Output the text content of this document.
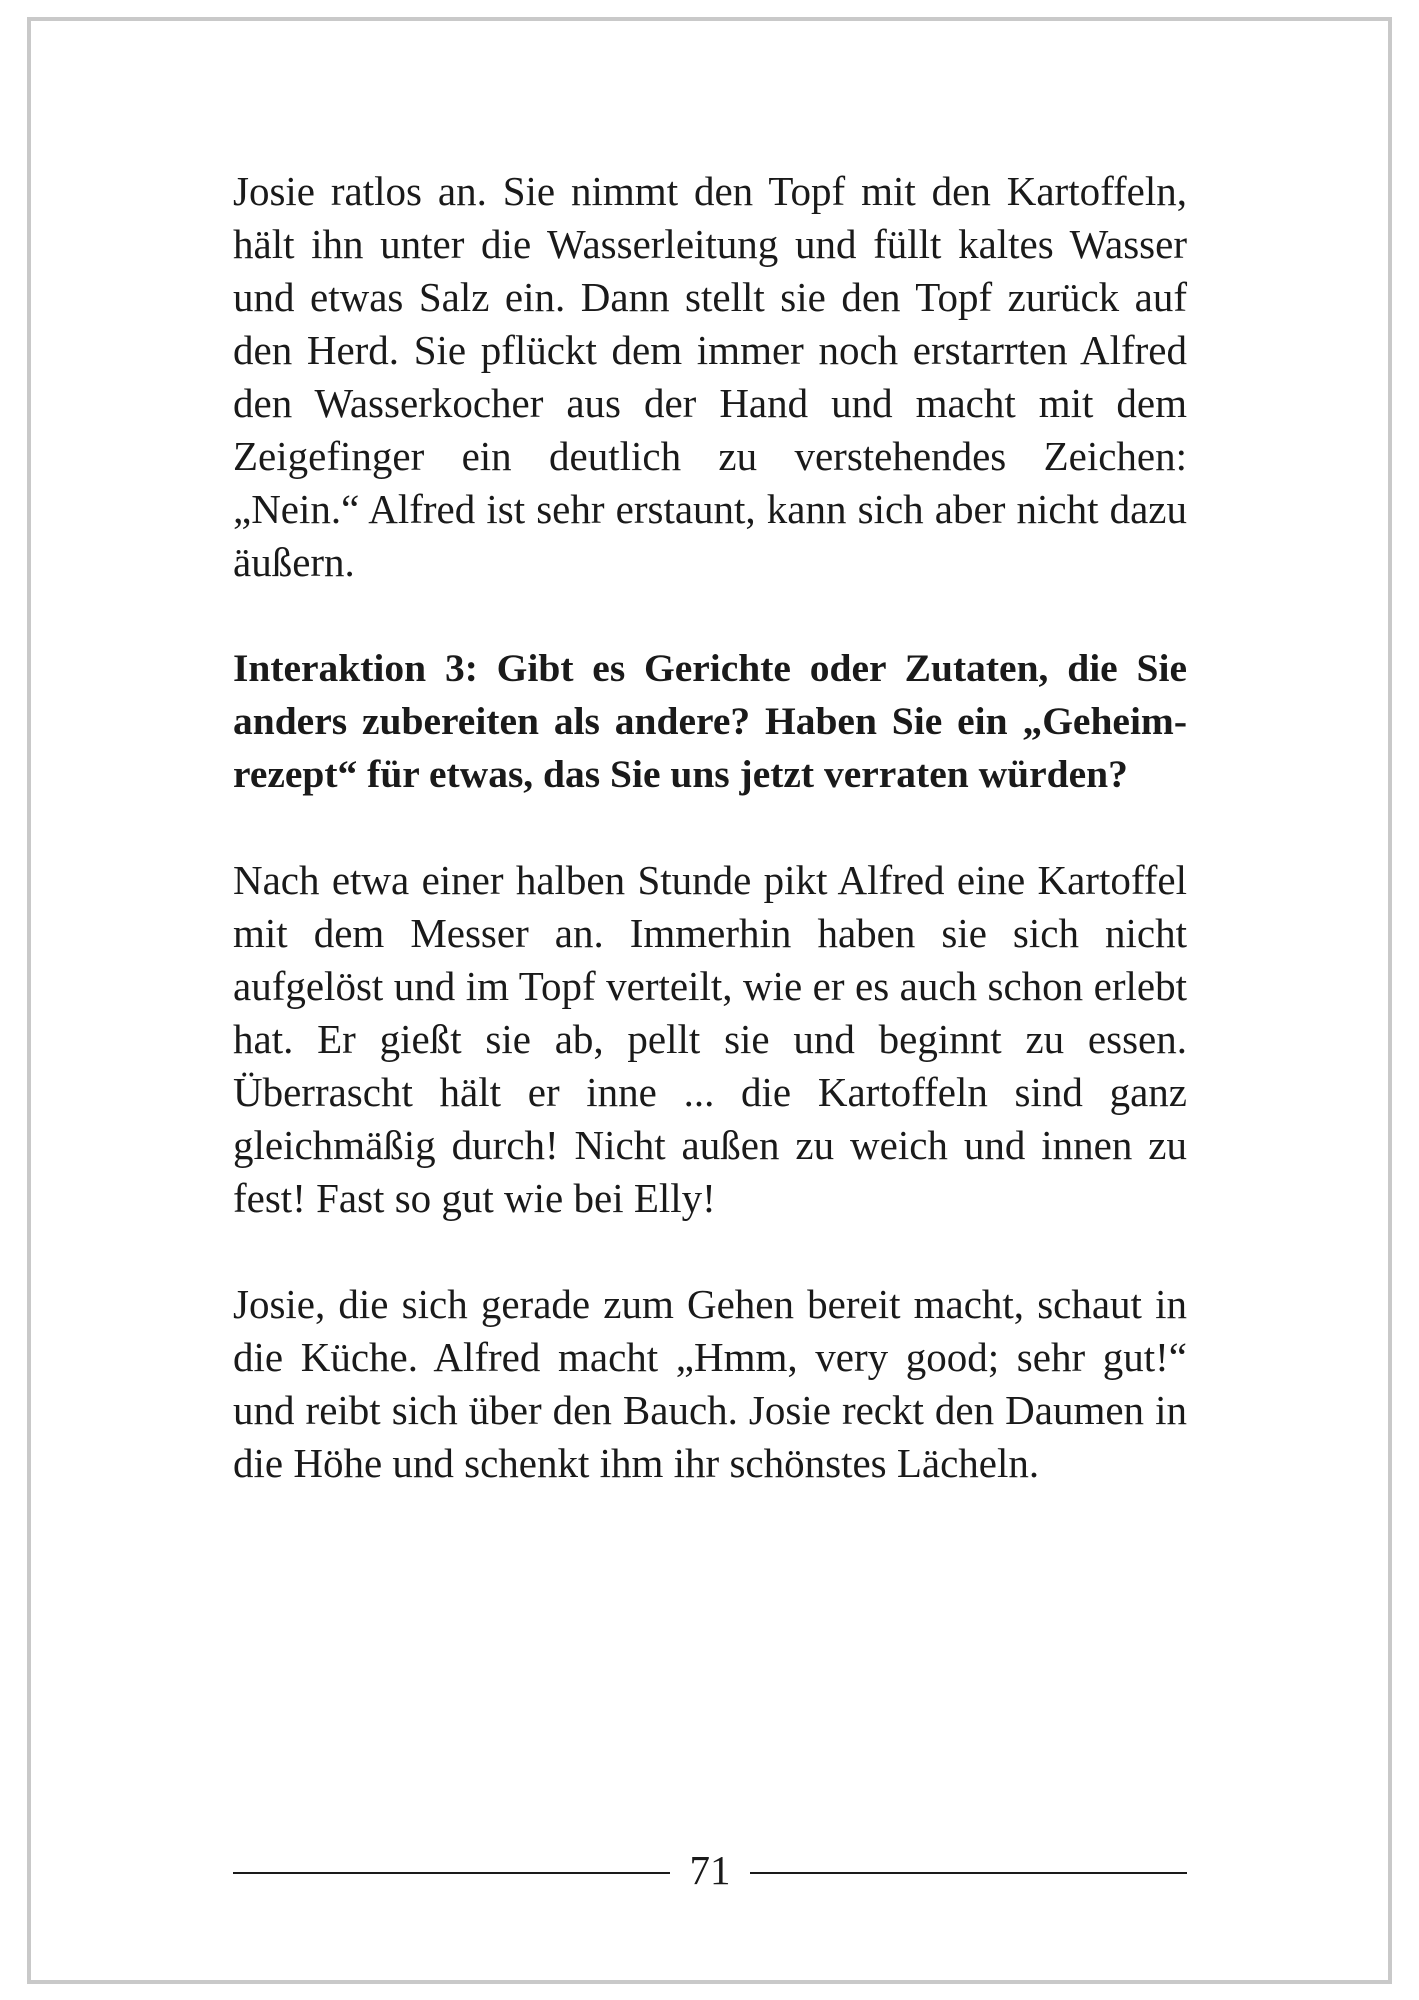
Josie ratlos an. Sie nimmt den Topf mit den Kartoffeln, hält ihn unter die Wasserleitung und füllt kaltes Wasser und etwas Salz ein. Dann stellt sie den Topf zurück auf den Herd. Sie pflückt dem immer noch erstarrten Alfred den Wasserkocher aus der Hand und macht mit dem Zeigefinger ein deutlich zu verstehendes Zeichen: „Nein.“ Alfred ist sehr erstaunt, kann sich aber nicht dazu äußern.

Interaktion 3: Gibt es Gerichte oder Zutaten, die Sie anders zubereiten als andere? Haben Sie ein „Geheimrezept“ für etwas, das Sie uns jetzt verraten würden?

Nach etwa einer halben Stunde pikt Alfred eine Kartoffel mit dem Messer an. Immerhin haben sie sich nicht aufgelöst und im Topf verteilt, wie er es auch schon erlebt hat. Er gießt sie ab, pellt sie und beginnt zu essen. Überrascht hält er inne ... die Kartoffeln sind ganz gleichmäßig durch! Nicht außen zu weich und innen zu fest! Fast so gut wie bei Elly!

Josie, die sich gerade zum Gehen bereit macht, schaut in die Küche. Alfred macht „Hmm, very good; sehr gut!“ und reibt sich über den Bauch. Josie reckt den Daumen in die Höhe und schenkt ihm ihr schönstes Lächeln.

71
